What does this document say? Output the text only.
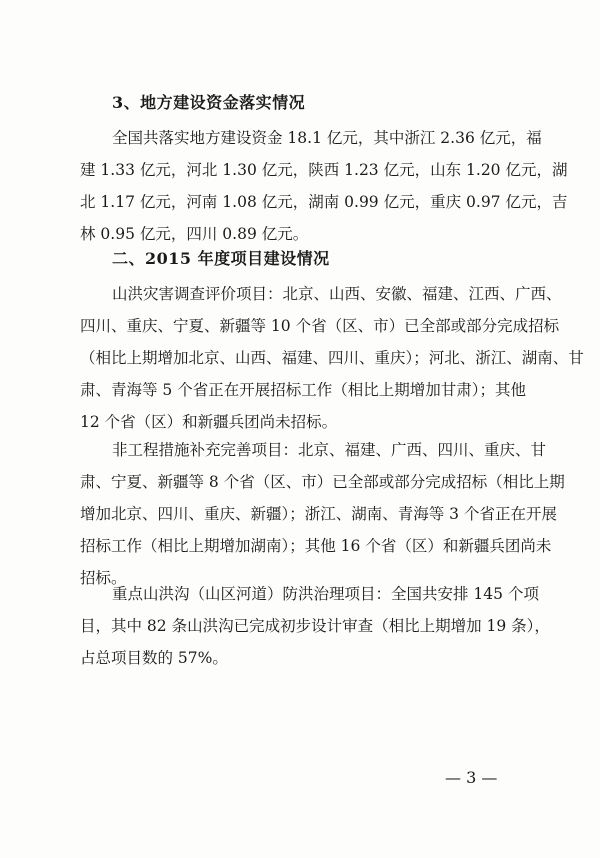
3、地方建设资金落实情况
全国共落实地方建设资金 18.1 亿元，其中浙江 2.36 亿元，福
建 1.33 亿元，河北 1.30 亿元，陕西 1.23 亿元，山东 1.20 亿元，湖
北 1.17 亿元，河南 1.08 亿元，湖南 0.99 亿元，重庆 0.97 亿元，吉
林 0.95 亿元，四川 0.89 亿元。
二、2015 年度项目建设情况
山洪灾害调查评价项目：北京、山西、安徽、福建、江西、广西、
四川、重庆、宁夏、新疆等 10 个省（区、市）已全部或部分完成招标
（相比上期增加北京、山西、福建、四川、重庆）；河北、浙江、湖南、甘
肃、青海等 5 个省正在开展招标工作（相比上期增加甘肃）；其他
12 个省（区）和新疆兵团尚未招标。
非工程措施补充完善项目：北京、福建、广西、四川、重庆、甘
肃、宁夏、新疆等 8 个省（区、市）已全部或部分完成招标（相比上期
增加北京、四川、重庆、新疆）；浙江、湖南、青海等 3 个省正在开展
招标工作（相比上期增加湖南）；其他 16 个省（区）和新疆兵团尚未
招标。
重点山洪沟（山区河道）防洪治理项目：全国共安排 145 个项
目，其中 82 条山洪沟已完成初步设计审查（相比上期增加 19 条），
占总项目数的 57%。
— 3 —
